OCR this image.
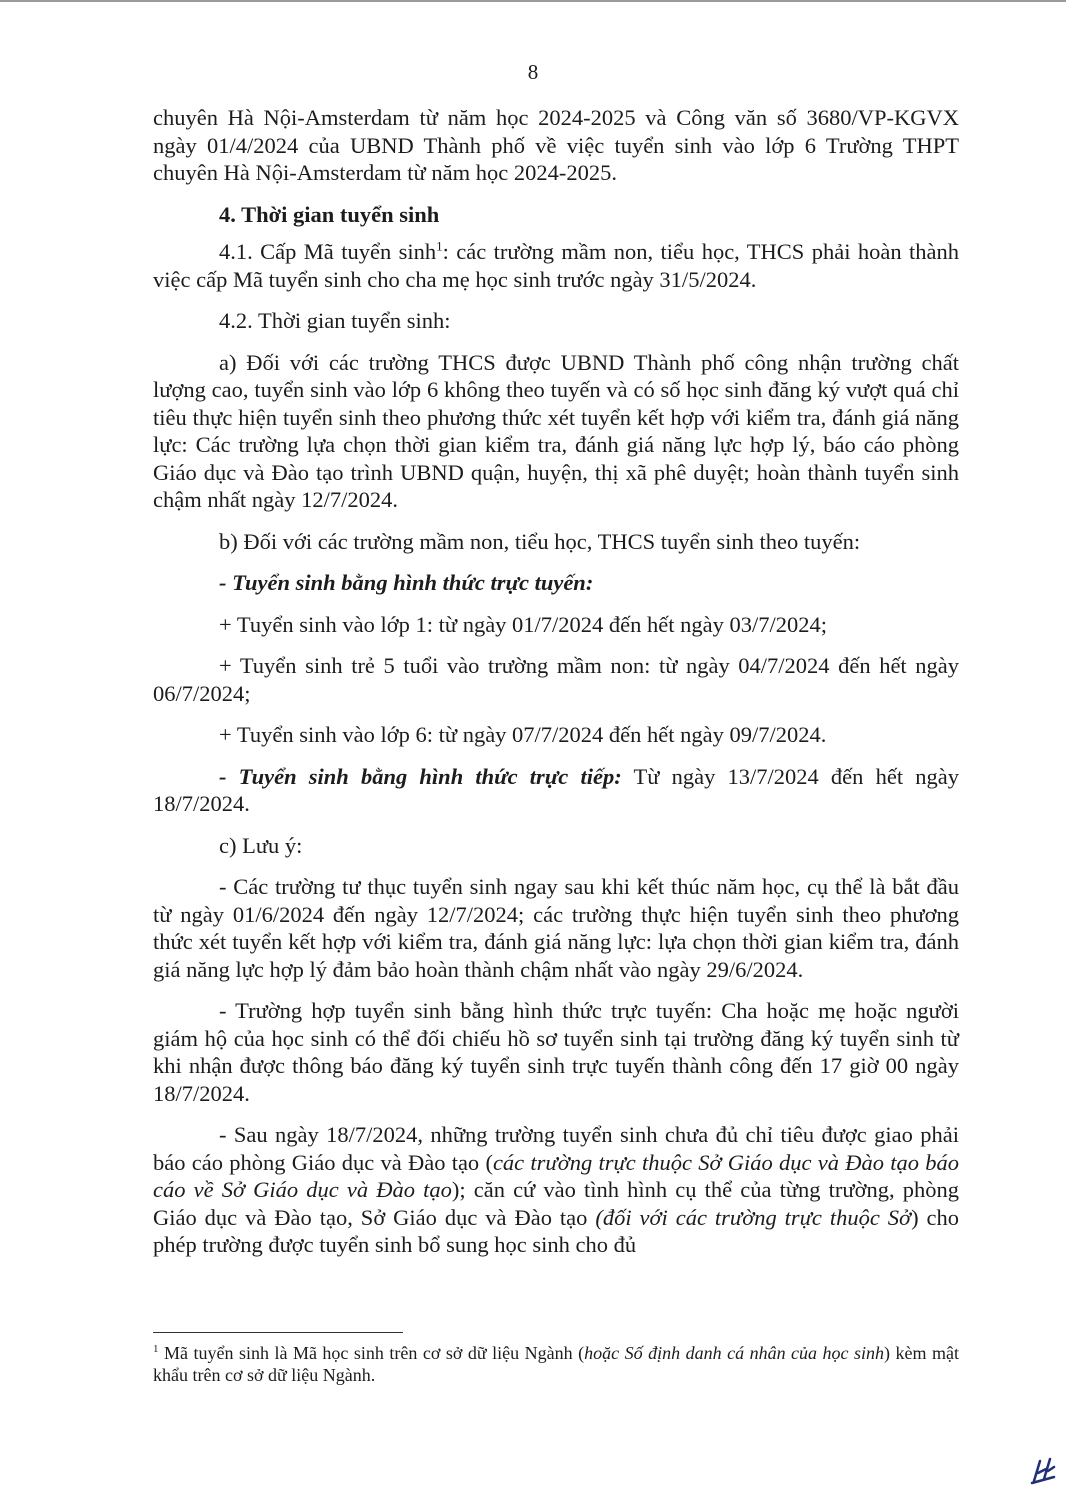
8

chuyên Hà Nội-Amsterdam từ năm học 2024-2025 và Công văn số 3680/VP-KGVX ngày 01/4/2024 của UBND Thành phố về việc tuyển sinh vào lớp 6 Trường THPT chuyên Hà Nội-Amsterdam từ năm học 2024-2025.

4. Thời gian tuyển sinh

4.1. Cấp Mã tuyển $\sinh^1$: các trường mầm non, tiểu học, THCS phải hoàn thành việc cấp Mã tuyển sinh cho cha mẹ học sinh trước ngày 31/5/2024.

4.2. Thời gian tuyển sinh:

a) Đối với các trường THCS được UBND Thành phố công nhận trường chất lượng cao, tuyển sinh vào lớp 6 không theo tuyến và có số học sinh đăng ký vượt quá chỉ tiêu thực hiện tuyển sinh theo phương thức xét tuyển kết hợp với kiểm tra, đánh giá năng lực: Các trường lựa chọn thời gian kiểm tra, đánh giá năng lực hợp lý, báo cáo phòng Giáo dục và Đào tạo trình UBND quận, huyện, thị xã phê duyệt; hoàn thành tuyển sinh chậm nhất ngày 12/7/2024.

b) Đối với các trường mầm non, tiểu học, THCS tuyển sinh theo tuyến:

- Tuyển sinh bằng hình thức trực tuyến:

+ Tuyển sinh vào lớp 1: từ ngày 01/7/2024 đến hết ngày 03/7/2024;

+ Tuyển sinh trẻ 5 tuổi vào trường mầm non: từ ngày 04/7/2024 đến hết ngày 06/7/2024;

+ Tuyển sinh vào lớp 6: từ ngày 07/7/2024 đến hết ngày 09/7/2024.

- Tuyển sinh bằng hình thức trực tiếp: Từ ngày 13/7/2024 đến hết ngày 18/7/2024.

c) Lưu ý:

- Các trường tư thục tuyển sinh ngay sau khi kết thúc năm học, cụ thể là bắt đầu từ ngày 01/6/2024 đến ngày 12/7/2024; các trường thực hiện tuyển sinh theo phương thức xét tuyển kết hợp với kiểm tra, đánh giá năng lực: lựa chọn thời gian kiểm tra, đánh giá năng lực hợp lý đảm bảo hoàn thành chậm nhất vào ngày 29/6/2024.

- Trường hợp tuyển sinh bằng hình thức trực tuyến: Cha hoặc mẹ hoặc người giám hộ của học sinh có thể đối chiếu hồ sơ tuyển sinh tại trường đăng ký tuyển sinh từ khi nhận được thông báo đăng ký tuyển sinh trực tuyến thành công đến 17 giờ 00 ngày 18/7/2024.

- Sau ngày 18/7/2024, những trường tuyển sinh chưa đủ chỉ tiêu được giao phải báo cáo phòng Giáo dục và Đào tạo (các trường trực thuộc Sở Giáo dục và Đào tạo báo cáo về Sở Giáo dục và Đào tạo); căn cứ vào tình hình cụ thể của từng trường, phòng Giáo dục và Đào tạo, Sở Giáo dục và Đào tạo (đối với các trường trực thuộc Sở) cho phép trường được tuyển sinh bổ sung học sinh cho đủ

$^1$ Mã tuyển sinh là Mã học sinh trên cơ sở dữ liệu Ngành (hoặc Số định danh cá nhân của học sinh) kèm mật khẩu trên cơ sở dữ liệu Ngành.
